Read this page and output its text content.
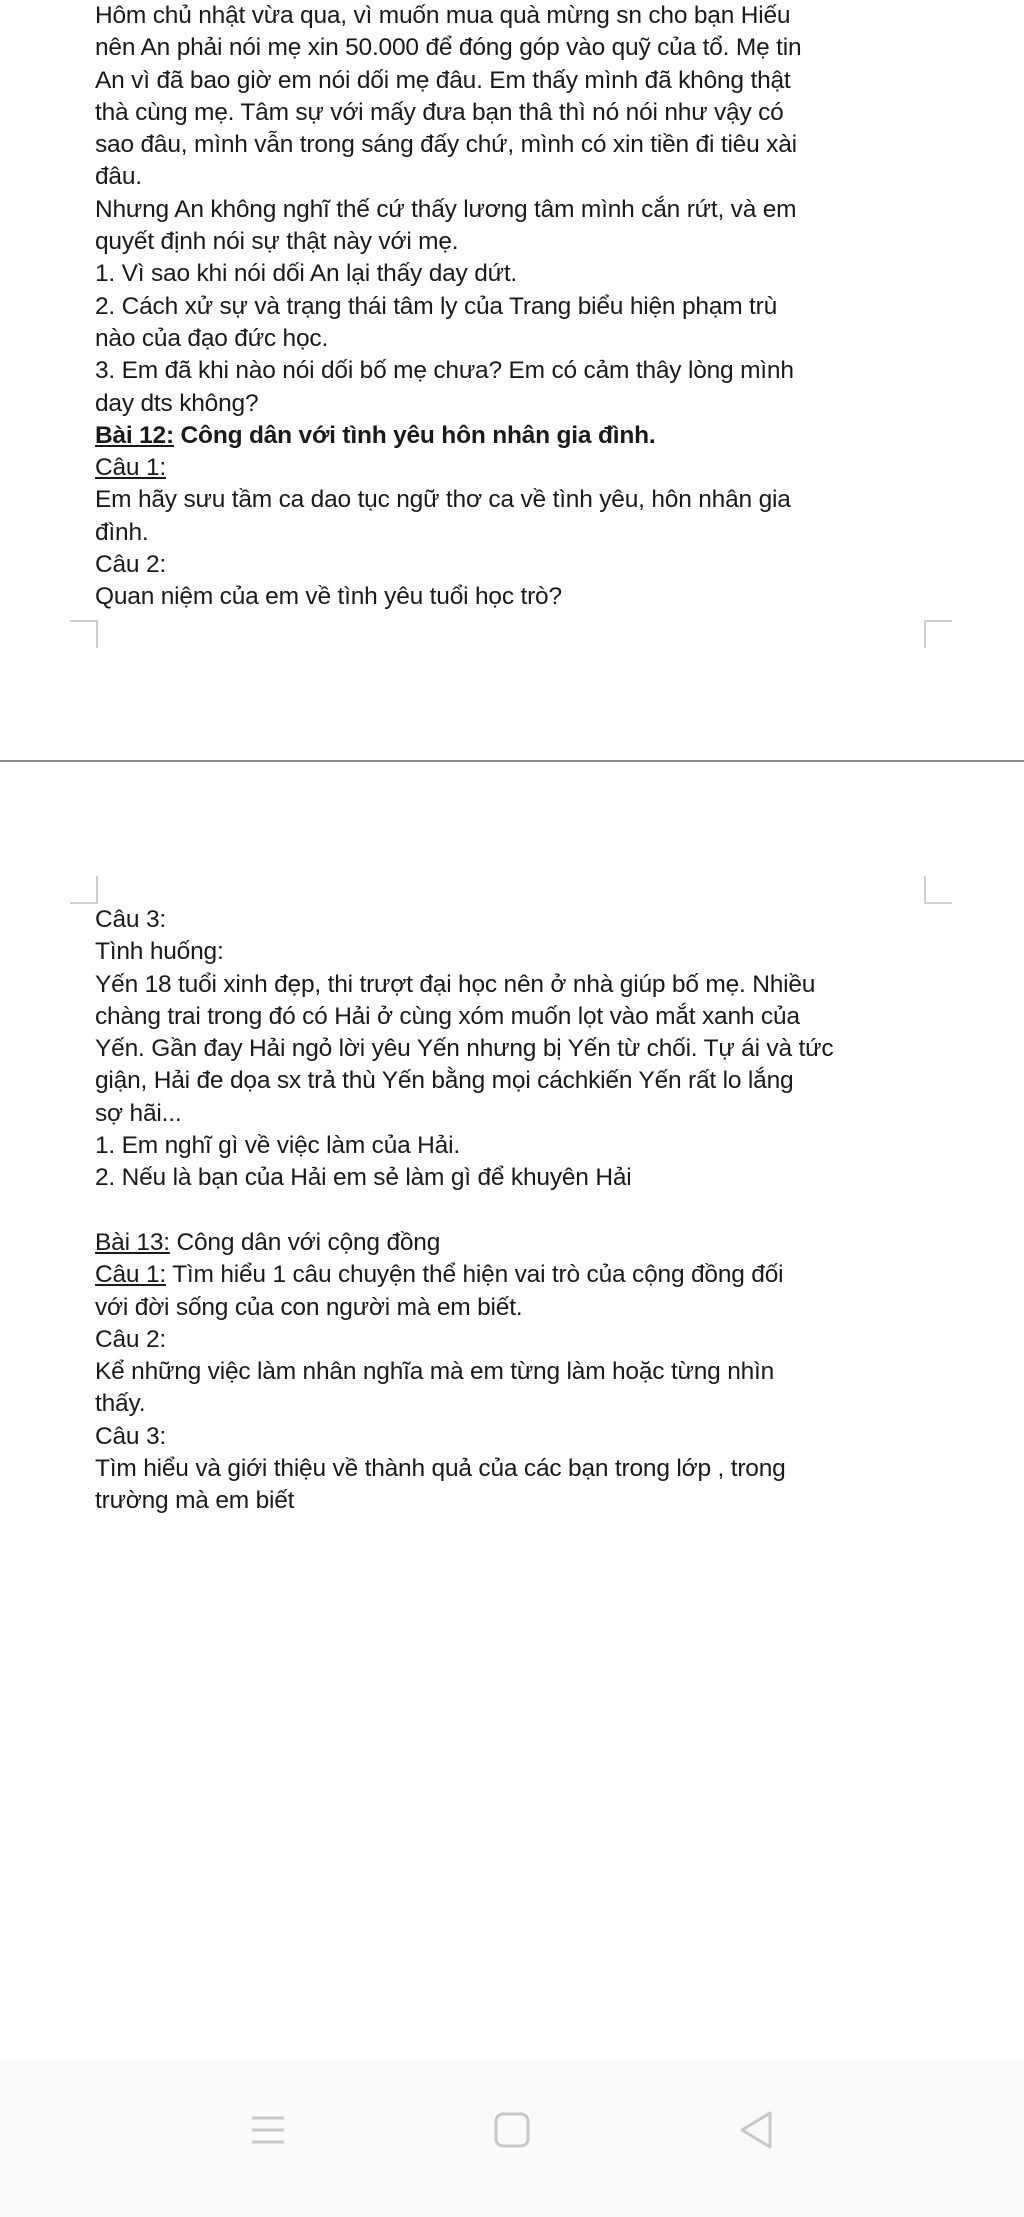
Hôm chủ nhật vừa qua, vì muốn mua quà mừng sn cho bạn Hiếu
nên An phải nói mẹ xin 50.000 để đóng góp vào quỹ của tổ. Mẹ tin
An vì đã bao giờ em nói dối mẹ đâu. Em thấy mình đã không thật
thà cùng mẹ. Tâm sự với mấy đưa bạn thâ thì nó nói như vậy có
sao đâu, mình vẫn trong sáng đấy chứ, mình có xin tiền đi tiêu xài
đâu.
Nhưng An không nghĩ thế cứ thấy lương tâm mình cắn rứt, và em
quyết định nói sự thật này với mẹ.
1. Vì sao khi nói dối An lại thấy day dứt.
2. Cách xử sự và trạng thái tâm ly của Trang biểu hiện phạm trù
nào của đạo đức học.
3. Em đã khi nào nói dối bố mẹ chưa? Em có cảm thây lòng mình
day dts không?
Bài 12: Công dân với tình yêu hôn nhân gia đình.
Câu 1:
Em hãy sưu tầm ca dao tục ngữ thơ ca về tình yêu, hôn nhân gia
đình.
Câu 2:
Quan niệm của em về tình yêu tuổi học trò?
Câu 3:
Tình huống:
Yến 18 tuổi xinh đẹp, thi trượt đại học nên ở nhà giúp bố mẹ. Nhiều
chàng trai trong đó có Hải ở cùng xóm muốn lọt vào mắt xanh của
Yến. Gần đay Hải ngỏ lời yêu Yến nhưng bị Yến từ chối. Tự ái và tức
giận, Hải đe dọa sx trả thù Yến bằng mọi cáchkiến Yến rất lo lắng
sợ hãi...
1. Em nghĩ gì về việc làm của Hải.
2. Nếu là bạn của Hải em sẻ làm gì để khuyên Hải
Bài 13: Công dân với cộng đồng
Câu 1: Tìm hiểu 1 câu chuyện thể hiện vai trò của cộng đồng đối
với đời sống của con người mà em biết.
Câu 2:
Kể những việc làm nhân nghĩa mà em từng làm hoặc từng nhìn
thấy.
Câu 3:
Tìm hiểu và giới thiệu về thành quả của các bạn trong lớp , trong
trường mà em biết
